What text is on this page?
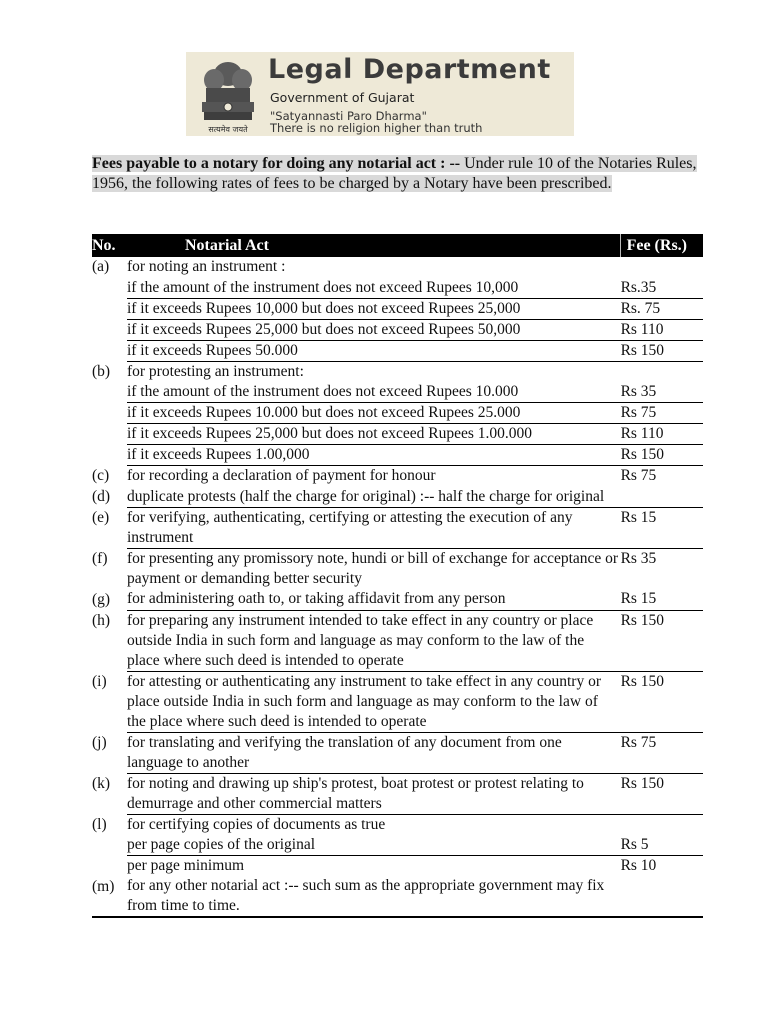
सत्यमेव जयते
Legal Department
Government of Gujarat
"Satyannasti Paro Dharma"
There is no religion higher than truth
Fees payable to a notary for doing any notarial act : -- Under rule 10 of the Notaries Rules, 1956, the following rates of fees to be charged by a Notary have been prescribed.
No.	Notarial Act	Fee (Rs.)
(a)	for noting an instrument :	
	if the amount of the instrument does not exceed Rupees 10,000	Rs.35
	if it exceeds Rupees 10,000 but does not exceed Rupees 25,000	Rs. 75
	if it exceeds Rupees 25,000 but does not exceed Rupees 50,000	Rs 110
	if it exceeds Rupees 50.000	Rs 150
(b)	for protesting an instrument:	
	if the amount of the instrument does not exceed Rupees 10.000	Rs 35
	if it exceeds Rupees 10.000 but does not exceed Rupees 25.000	Rs 75
	if it exceeds Rupees 25,000 but does not exceed Rupees 1.00.000	Rs 110
	if it exceeds Rupees 1.00,000	Rs 150
(c)	for recording a declaration of payment for honour	Rs 75
(d)	duplicate protests (half the charge for original) :-- half the charge for original	
(e)	for verifying, authenticating, certifying or attesting the execution of any instrument	Rs 15
(f)	for presenting any promissory note, hundi or bill of exchange for acceptance or payment or demanding better security	Rs 35
(g)	for administering oath to, or taking affidavit from any person	Rs 15
(h)	for preparing any instrument intended to take effect in any country or place outside India in such form and language as may conform to the law of the place where such deed is intended to operate	Rs 150
(i)	for attesting or authenticating any instrument to take effect in any country or place outside India in such form and language as may conform to the law of the place where such deed is intended to operate	Rs 150
(j)	for translating and verifying the translation of any document from one language to another	Rs 75
(k)	for noting and drawing up ship's protest, boat protest or protest relating to demurrage and other commercial matters	Rs 150
(l)	for certifying copies of documents as true	
	per page copies of the original	Rs 5
	per page minimum	Rs 10
(m)	for any other notarial act :-- such sum as the appropriate government may fix from time to time.	
